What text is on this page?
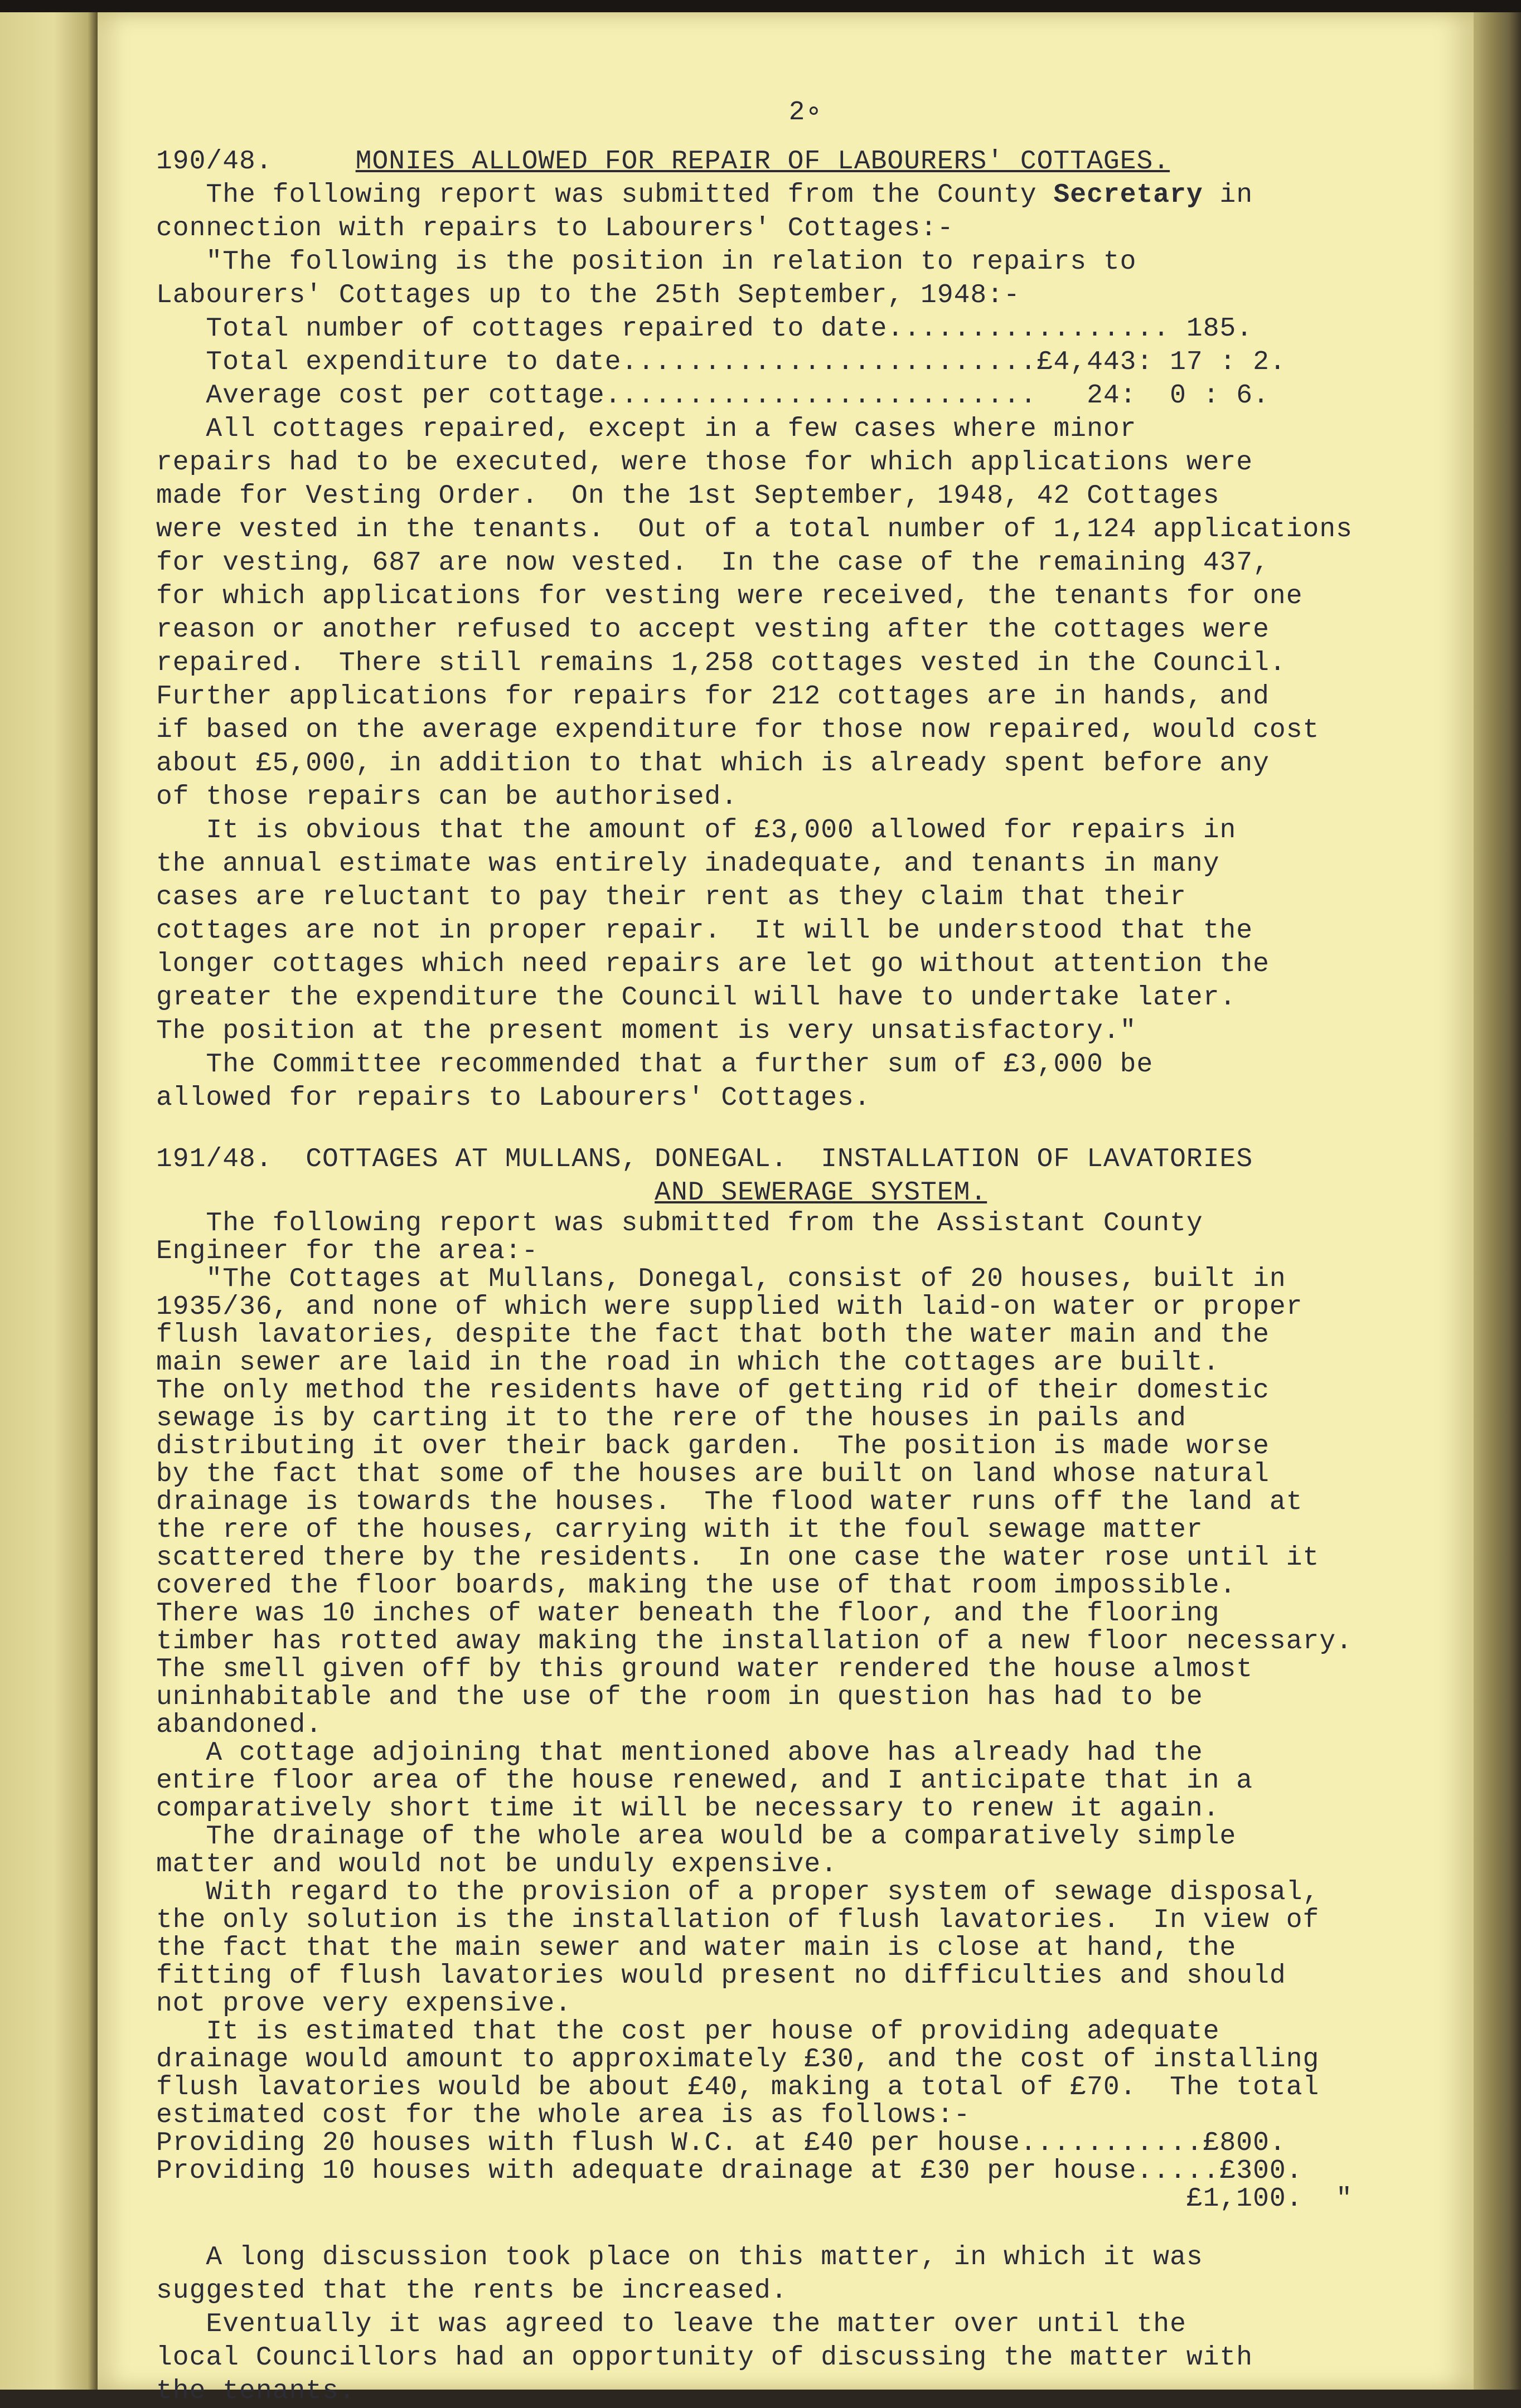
2∘
190/48.	MONIES ALLOWED FOR REPAIR OF LABOURERS' COTTAGES.
The following report was submitted from the County Secretary in
connection with repairs to Labourers' Cottages:-
"The following is the position in relation to repairs to
Labourers' Cottages up to the 25th September, 1948:-
Total number of cottages repaired to date................. 185.
Total expenditure to date.........................£4,443: 17 : 2.
Average cost per cottage..........................   24:  0 : 6.
All cottages repaired, except in a few cases where minor
repairs had to be executed, were those for which applications were
made for Vesting Order.  On the 1st September, 1948, 42 Cottages
were vested in the tenants.  Out of a total number of 1,124 applications
for vesting, 687 are now vested.  In the case of the remaining 437,
for which applications for vesting were received, the tenants for one
reason or another refused to accept vesting after the cottages were
repaired.  There still remains 1,258 cottages vested in the Council.
Further applications for repairs for 212 cottages are in hands, and
if based on the average expenditure for those now repaired, would cost
about £5,000, in addition to that which is already spent before any
of those repairs can be authorised.
It is obvious that the amount of £3,000 allowed for repairs in
the annual estimate was entirely inadequate, and tenants in many
cases are reluctant to pay their rent as they claim that their
cottages are not in proper repair.  It will be understood that the
longer cottages which need repairs are let go without attention the
greater the expenditure the Council will have to undertake later.
The position at the present moment is very unsatisfactory."
The Committee recommended that a further sum of £3,000 be
allowed for repairs to Labourers' Cottages.
191/48. COTTAGES AT MULLANS, DONEGAL.  INSTALLATION OF LAVATORIES
AND SEWERAGE SYSTEM.
The following report was submitted from the Assistant County
Engineer for the area:-
"The Cottages at Mullans, Donegal, consist of 20 houses, built in
1935/36, and none of which were supplied with laid-on water or proper
flush lavatories, despite the fact that both the water main and the
main sewer are laid in the road in which the cottages are built.
The only method the residents have of getting rid of their domestic
sewage is by carting it to the rere of the houses in pails and
distributing it over their back garden.  The position is made worse
by the fact that some of the houses are built on land whose natural
drainage is towards the houses.  The flood water runs off the land at
the rere of the houses, carrying with it the foul sewage matter
scattered there by the residents.  In one case the water rose until it
covered the floor boards, making the use of that room impossible.
There was 10 inches of water beneath the floor, and the flooring
timber has rotted away making the installation of a new floor necessary.
The smell given off by this ground water rendered the house almost
uninhabitable and the use of the room in question has had to be
abandoned.
A cottage adjoining that mentioned above has already had the
entire floor area of the house renewed, and I anticipate that in a
comparatively short time it will be necessary to renew it again.
The drainage of the whole area would be a comparatively simple
matter and would not be unduly expensive.
With regard to the provision of a proper system of sewage disposal,
the only solution is the installation of flush lavatories.  In view of
the fact that the main sewer and water main is close at hand, the
fitting of flush lavatories would present no difficulties and should
not prove very expensive.
It is estimated that the cost per house of providing adequate
drainage would amount to approximately £30, and the cost of installing
flush lavatories would be about £40, making a total of £70.  The total
estimated cost for the whole area is as follows:-
Providing 20 houses with flush W.C. at £40 per house...........£800.
Providing 10 houses with adequate drainage at £30 per house.....£300.
£1,100.  "
A long discussion took place on this matter, in which it was
suggested that the rents be increased.
Eventually it was agreed to leave the matter over until the
local Councillors had an opportunity of discussing the matter with
the tenants.
